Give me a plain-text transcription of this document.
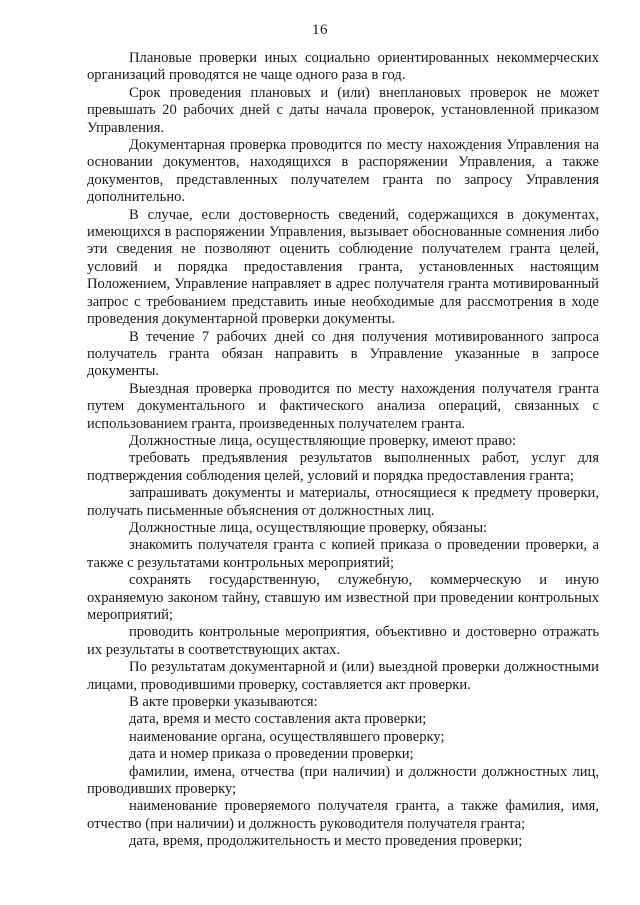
16

Плановые проверки иных социально ориентированных некоммерческих организаций проводятся не чаще одного раза в год.

Срок проведения плановых и (или) внеплановых проверок не может превышать 20 рабочих дней с даты начала проверок, установленной приказом Управления.

Документарная проверка проводится по месту нахождения Управления на основании документов, находящихся в распоряжении Управления, а также документов, представленных получателем гранта по запросу Управления дополнительно.

В случае, если достоверность сведений, содержащихся в документах, имеющихся в распоряжении Управления, вызывает обоснованные сомнения либо эти сведения не позволяют оценить соблюдение получателем гранта целей, условий и порядка предоставления гранта, установленных настоящим Положением, Управление направляет в адрес получателя гранта мотивированный запрос с требованием представить иные необходимые для рассмотрения в ходе проведения документарной проверки документы.

В течение 7 рабочих дней со дня получения мотивированного запроса получатель гранта обязан направить в Управление указанные в запросе документы.

Выездная проверка проводится по месту нахождения получателя гранта путем документального и фактического анализа операций, связанных с использованием гранта, произведенных получателем гранта.

Должностные лица, осуществляющие проверку, имеют право:

требовать предъявления результатов выполненных работ, услуг для подтверждения соблюдения целей, условий и порядка предоставления гранта;

запрашивать документы и материалы, относящиеся к предмету проверки, получать письменные объяснения от должностных лиц.

Должностные лица, осуществляющие проверку, обязаны:

знакомить получателя гранта с копией приказа о проведении проверки, а также с результатами контрольных мероприятий;

сохранять государственную, служебную, коммерческую и иную охраняемую законом тайну, ставшую им известной при проведении контрольных мероприятий;

проводить контрольные мероприятия, объективно и достоверно отражать их результаты в соответствующих актах.

По результатам документарной и (или) выездной проверки должностными лицами, проводившими проверку, составляется акт проверки.

В акте проверки указываются:

дата, время и место составления акта проверки;

наименование органа, осуществлявшего проверку;

дата и номер приказа о проведении проверки;

фамилии, имена, отчества (при наличии) и должности должностных лиц, проводивших проверку;

наименование проверяемого получателя гранта, а также фамилия, имя, отчество (при наличии) и должность руководителя получателя гранта;

дата, время, продолжительность и место проведения проверки;
